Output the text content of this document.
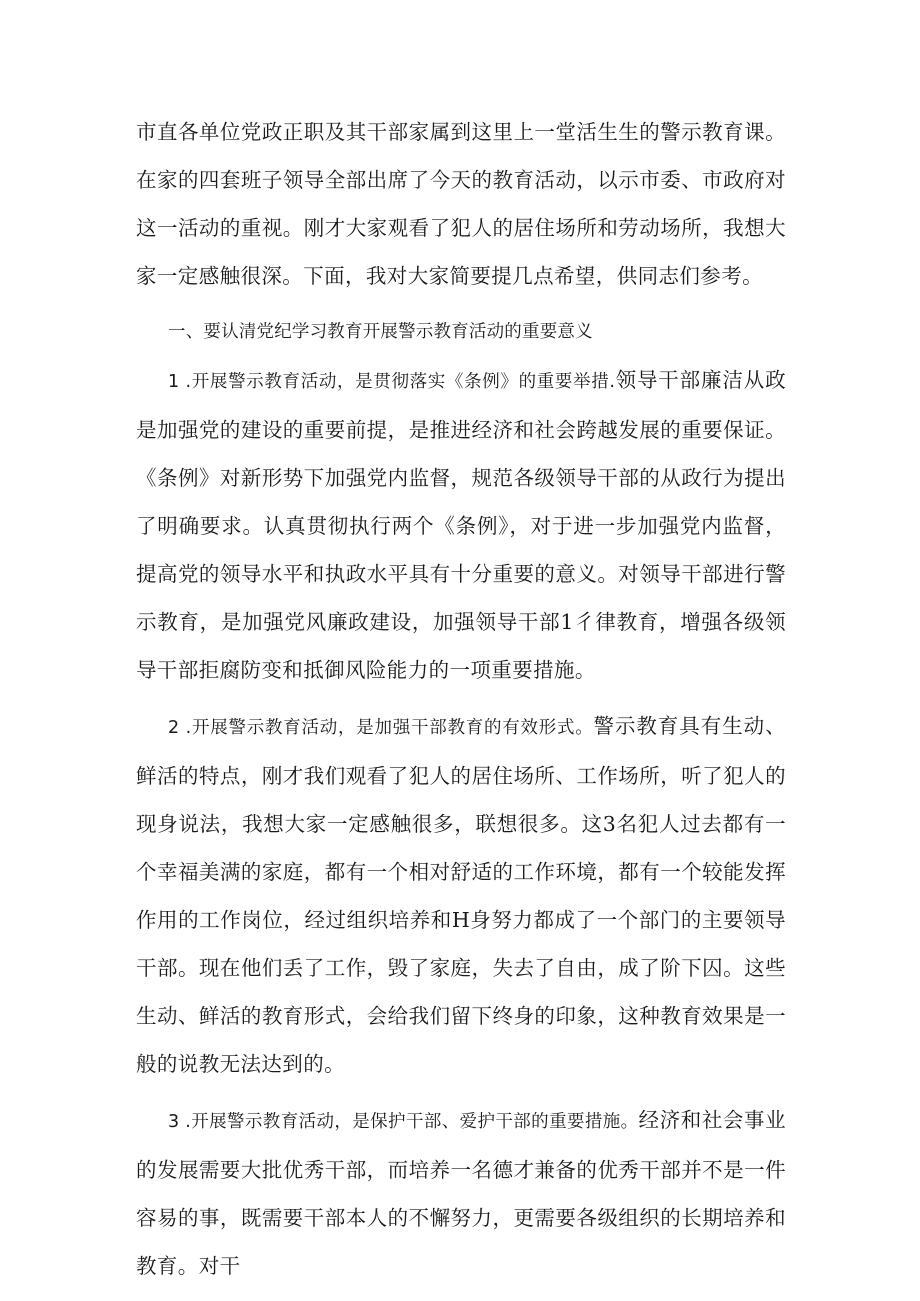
市直各单位党政正职及其干部家属到这里上一堂活生生的警示教育课。在家的四套班子领导全部出席了今天的教育活动，以示市委、市政府对这一活动的重视。刚才大家观看了犯人的居住场所和劳动场所，我想大家一定感触很深。下面，我对大家简要提几点希望，供同志们参考。

一、要认清党纪学习教育开展警示教育活动的重要意义

1 .开展警示教育活动，是贯彻落实《条例》的重要举措.领导干部廉洁从政是加强党的建设的重要前提，是推进经济和社会跨越发展的重要保证。《条例》对新形势下加强党内监督，规范各级领导干部的从政行为提出了明确要求。认真贯彻执行两个《条例》，对于进一步加强党内监督，提高党的领导水平和执政水平具有十分重要的意义。对领导干部进行警示教育，是加强党风廉政建设，加强领导干部1彳律教育，增强各级领导干部拒腐防变和抵御风险能力的一项重要措施。

2 .开展警示教育活动，是加强干部教育的有效形式。警示教育具有生动、鲜活的特点，刚才我们观看了犯人的居住场所、工作场所，听了犯人的现身说法，我想大家一定感触很多，联想很多。这3名犯人过去都有一个幸福美满的家庭，都有一个相对舒适的工作环境，都有一个较能发挥作用的工作岗位，经过组织培养和H身努力都成了一个部门的主要领导干部。现在他们丢了工作，毁了家庭，失去了自由，成了阶下囚。这些生动、鲜活的教育形式，会给我们留下终身的印象，这种教育效果是一般的说教无法达到的。

3 .开展警示教育活动，是保护干部、爱护干部的重要措施。经济和社会事业的发展需要大批优秀干部，而培养一名德才兼备的优秀干部并不是一件容易的事，既需要干部本人的不懈努力，更需要各级组织的长期培养和教育。对干
